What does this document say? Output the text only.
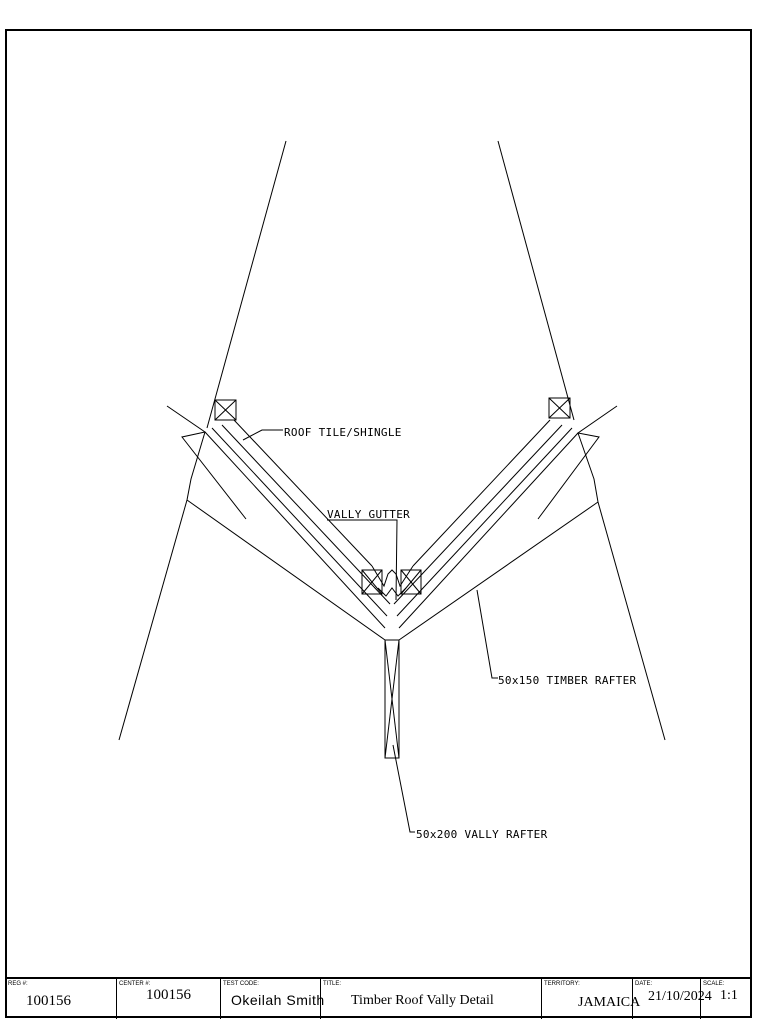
ROOF TILE/SHINGLE
VALLY GUTTER
50x150 TIMBER RAFTER
50x200 VALLY RAFTER
REG #:
100156
CENTER #:
100156
TEST CODE:
Okeilah Smith
TITLE:
Timber Roof Vally Detail
TERRITORY:
JAMAICA
DATE:
21/10/2024
SCALE:
1:1
